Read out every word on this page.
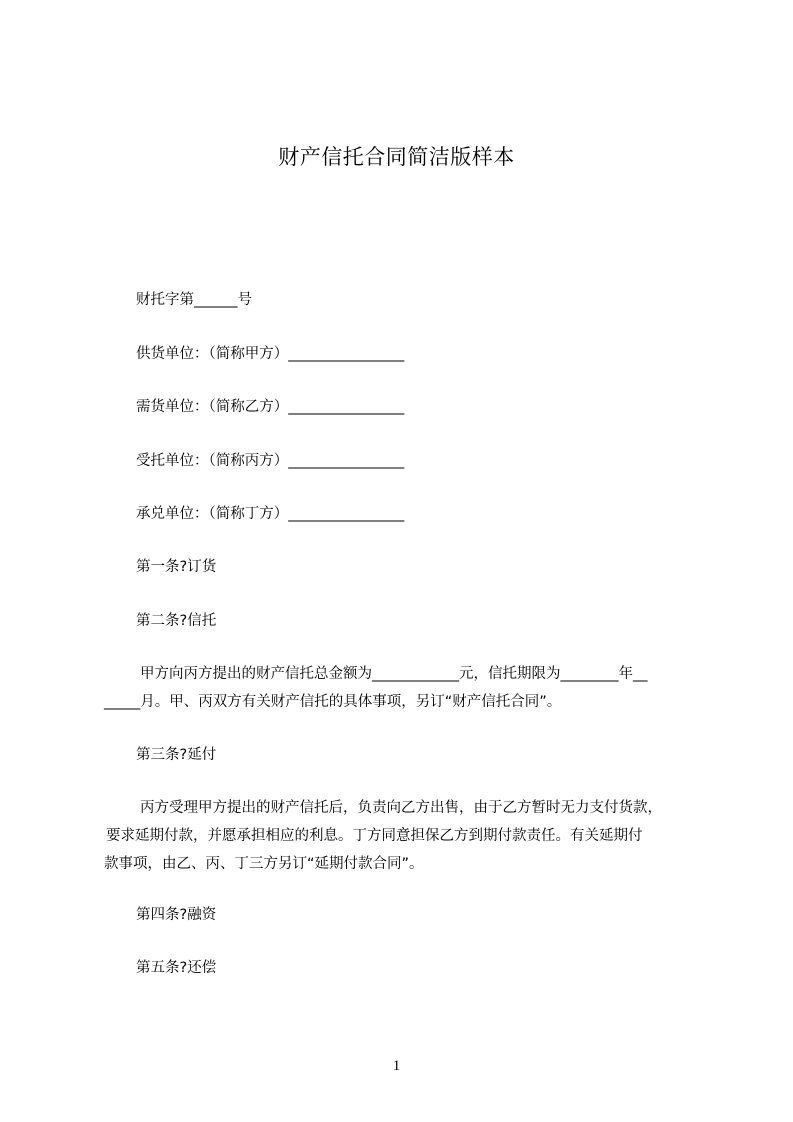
财产信托合同简洁版样本
财托字第______号
供货单位：（简称甲方）________________
需货单位：（简称乙方）________________
受托单位：（简称丙方）________________
承兑单位：（简称丁方）________________
第一条?订货
第二条?信托
甲方向丙方提出的财产信托总金额为____________元，信托期限为________年__
_____月。甲、丙双方有关财产信托的具体事项，另订“财产信托合同”。
第三条?延付
丙方受理甲方提出的财产信托后，负责向乙方出售，由于乙方暂时无力支付货款，
要求延期付款，并愿承担相应的利息。丁方同意担保乙方到期付款责任。有关延期付
款事项，由乙、丙、丁三方另订“延期付款合同”。
第四条?融资
第五条?还偿
1
